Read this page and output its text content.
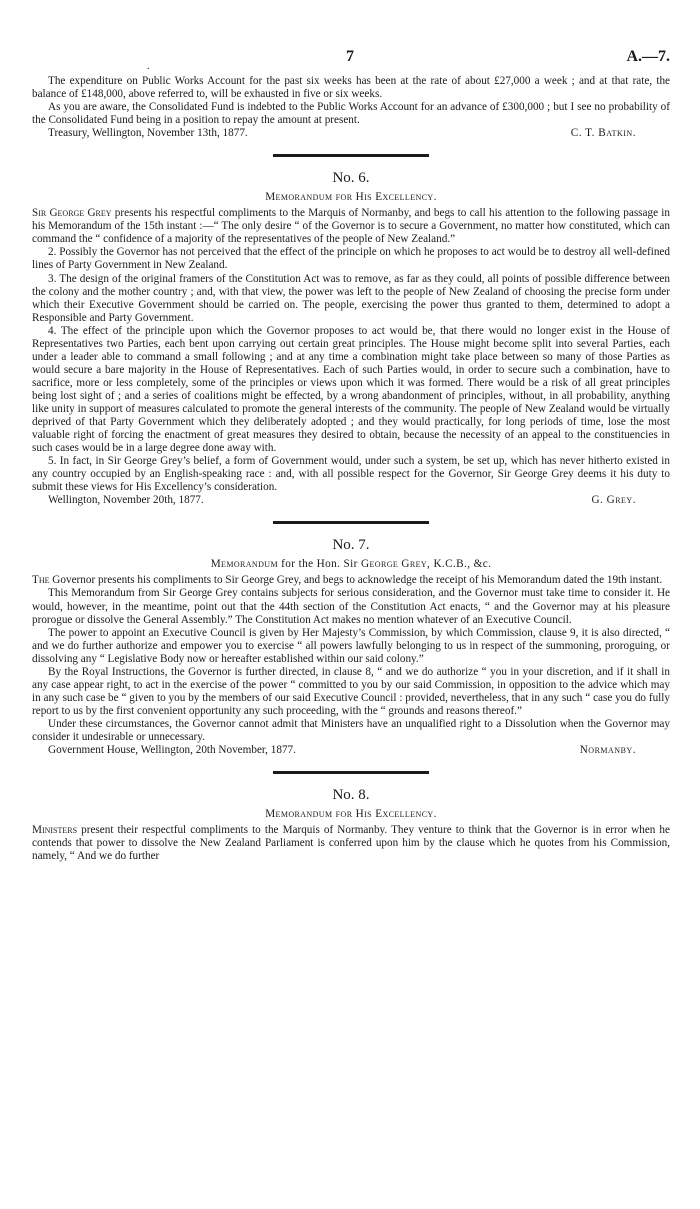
7	A.—7.
.

The expenditure on Public Works Account for the past six weeks has been at the rate of about £27,000 a week ; and at that rate, the balance of £148,000, above referred to, will be exhausted in five or six weeks.

As you are aware, the Consolidated Fund is indebted to the Public Works Account for an advance of £300,000 ; but I see no probability of the Consolidated Fund being in a position to repay the amount at present.

Treasury, Wellington, November 13th, 1877.	C. T. Batkin.
No. 6.
Memorandum for His Excellency.

Sir George Grey presents his respectful compliments to the Marquis of Normanby, and begs to call his attention to the following passage in his Memorandum of the 15th instant :—“ The only desire “ of the Governor is to secure a Government, no matter how constituted, which can command the “ confidence of a majority of the representatives of the people of New Zealand.”

2. Possibly the Governor has not perceived that the effect of the principle on which he proposes to act would be to destroy all well-defined lines of Party Government in New Zealand.

3. The design of the original framers of the Constitution Act was to remove, as far as they could, all points of possible difference between the colony and the mother country ; and, with that view, the power was left to the people of New Zealand of choosing the precise form under which their Executive Government should be carried on. The people, exercising the power thus granted to them, determined to adopt a Responsible and Party Government.

4. The effect of the principle upon which the Governor proposes to act would be, that there would no longer exist in the House of Representatives two Parties, each bent upon carrying out certain great principles. The House might become split into several Parties, each under a leader able to command a small following ; and at any time a combination might take place between so many of those Parties as would secure a bare majority in the House of Representatives. Each of such Parties would, in order to secure such a combination, have to sacrifice, more or less completely, some of the principles or views upon which it was formed. There would be a risk of all great principles being lost sight of ; and a series of coalitions might be effected, by a wrong abandonment of principles, without, in all probability, anything like unity in support of measures calculated to promote the general interests of the community. The people of New Zealand would be virtually deprived of that Party Government which they deliberately adopted ; and they would practically, for long periods of time, lose the most valuable right of forcing the enactment of great measures they desired to obtain, because the necessity of an appeal to the constituencies in such cases would be in a large degree done away with.

5. In fact, in Sir George Grey’s belief, a form of Government would, under such a system, be set up, which has never hitherto existed in any country occupied by an English-speaking race : and, with all possible respect for the Governor, Sir George Grey deems it his duty to submit these views for His Excellency’s consideration.

Wellington, November 20th, 1877.	G. Grey.
No. 7.
Memorandum for the Hon. Sir George Grey, K.C.B., &c.

The Governor presents his compliments to Sir George Grey, and begs to acknowledge the receipt of his Memorandum dated the 19th instant.

This Memorandum from Sir George Grey contains subjects for serious consideration, and the Governor must take time to consider it. He would, however, in the meantime, point out that the 44th section of the Constitution Act enacts, “ and the Governor may at his pleasure prorogue or dissolve the General Assembly.” The Constitution Act makes no mention whatever of an Executive Council.

The power to appoint an Executive Council is given by Her Majesty’s Commission, by which Commission, clause 9, it is also directed, “ and we do further authorize and empower you to exercise “ all powers lawfully belonging to us in respect of the summoning, proroguing, or dissolving any “ Legislative Body now or hereafter established within our said colony.”

By the Royal Instructions, the Governor is further directed, in clause 8, “ and we do authorize “ you in your discretion, and if it shall in any case appear right, to act in the exercise of the power “ committed to you by our said Commission, in opposition to the advice which may in any such case be “ given to you by the members of our said Executive Council : provided, nevertheless, that in any such “ case you do fully report to us by the first convenient opportunity any such proceeding, with the “ grounds and reasons thereof.”

Under these circumstances, the Governor cannot admit that Ministers have an unqualified right to a Dissolution when the Governor may consider it undesirable or unnecessary.

Government House, Wellington, 20th November, 1877.	Normanby.
No. 8.
Memorandum for His Excellency.

Ministers present their respectful compliments to the Marquis of Normanby. They venture to think that the Governor is in error when he contends that power to dissolve the New Zealand Parliament is conferred upon him by the clause which he quotes from his Commission, namely, “ And we do further
